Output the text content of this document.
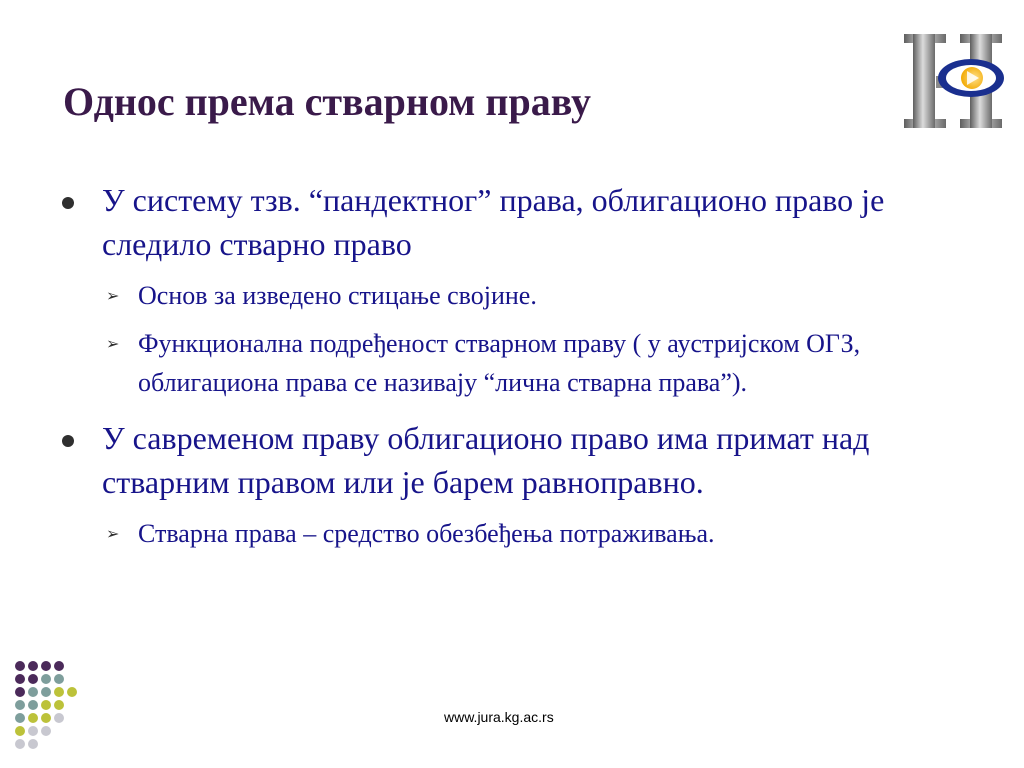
Однос према стварном праву
У систему тзв. “пандектног” права, облигационо право је следило стварно право
➢ Основ за изведено стицање својине.
➢ Функционална подређеност стварном праву ( у аустријском ОГЗ, облигациона права се називају “лична стварна права”).
У савременом праву облигационо право има примат над стварним правом или је барем равноправно.
➢ Стварна права – средство обезбеђења потраживања.
www.jura.kg.ac.rs
